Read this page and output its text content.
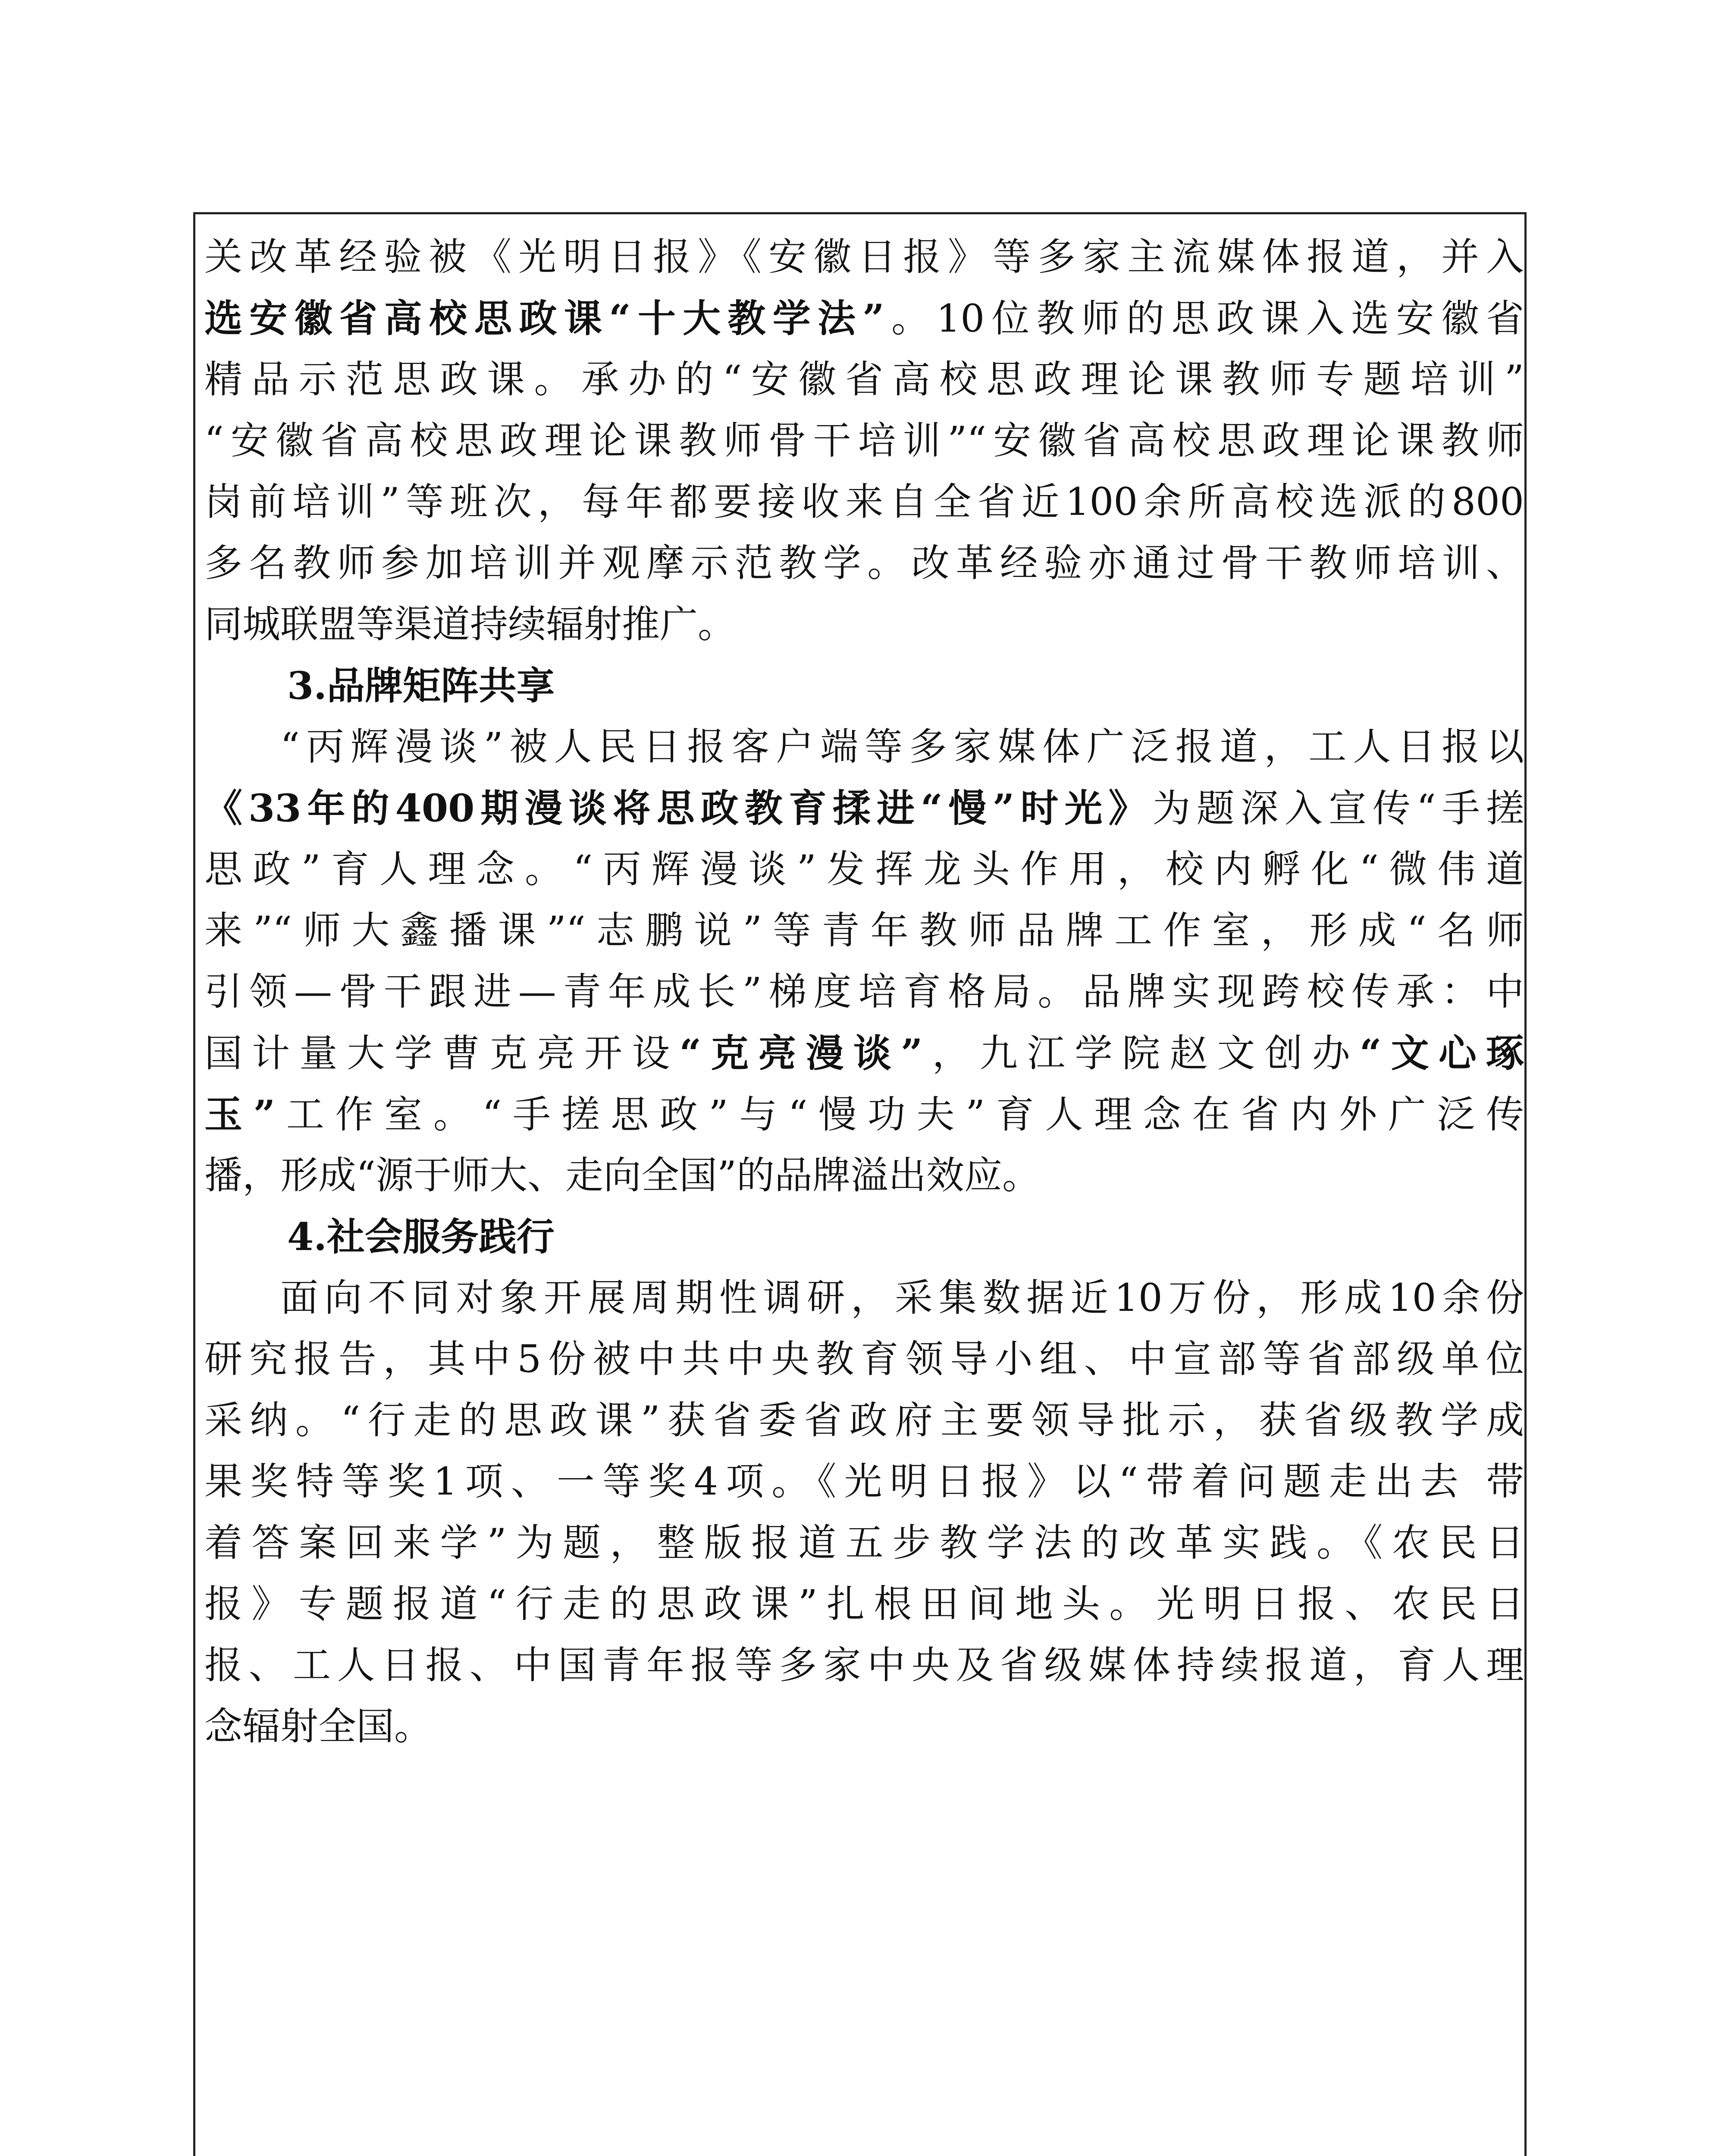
关改革经验被《光明日报》《安徽日报》等多家主流媒体报道，并入
选安徽省高校思政课“十大教学法”。10位教师的思政课入选安徽省
精品示范思政课。承办的“安徽省高校思政理论课教师专题培训”
“安徽省高校思政理论课教师骨干培训”“安徽省高校思政理论课教师
岗前培训”等班次，每年都要接收来自全省近100余所高校选派的800
多名教师参加培训并观摩示范教学。改革经验亦通过骨干教师培训、
同城联盟等渠道持续辐射推广。
3.品牌矩阵共享
“丙辉漫谈”被人民日报客户端等多家媒体广泛报道，工人日报以
《33年的400期漫谈将思政教育揉进“慢”时光》为题深入宣传“手搓
思政”育人理念。“丙辉漫谈”发挥龙头作用，校内孵化“微伟道
来”“师大鑫播课”“志鹏说”等青年教师品牌工作室，形成“名师
引领—骨干跟进—青年成长”梯度培育格局。品牌实现跨校传承：中
国计量大学曹克亮开设“克亮漫谈”，九江学院赵文创办“文心琢
玉”工作室。“手搓思政”与“慢功夫”育人理念在省内外广泛传
播，形成“源于师大、走向全国”的品牌溢出效应。
4.社会服务践行
面向不同对象开展周期性调研，采集数据近10万份，形成10余份
研究报告，其中5份被中共中央教育领导小组、中宣部等省部级单位
采纳。“行走的思政课”获省委省政府主要领导批示，获省级教学成
果奖特等奖1项、一等奖4项。《光明日报》以“带着问题走出去 带
着答案回来学”为题，整版报道五步教学法的改革实践。《农民日
报》专题报道“行走的思政课”扎根田间地头。光明日报、农民日
报、工人日报、中国青年报等多家中央及省级媒体持续报道，育人理
念辐射全国。
